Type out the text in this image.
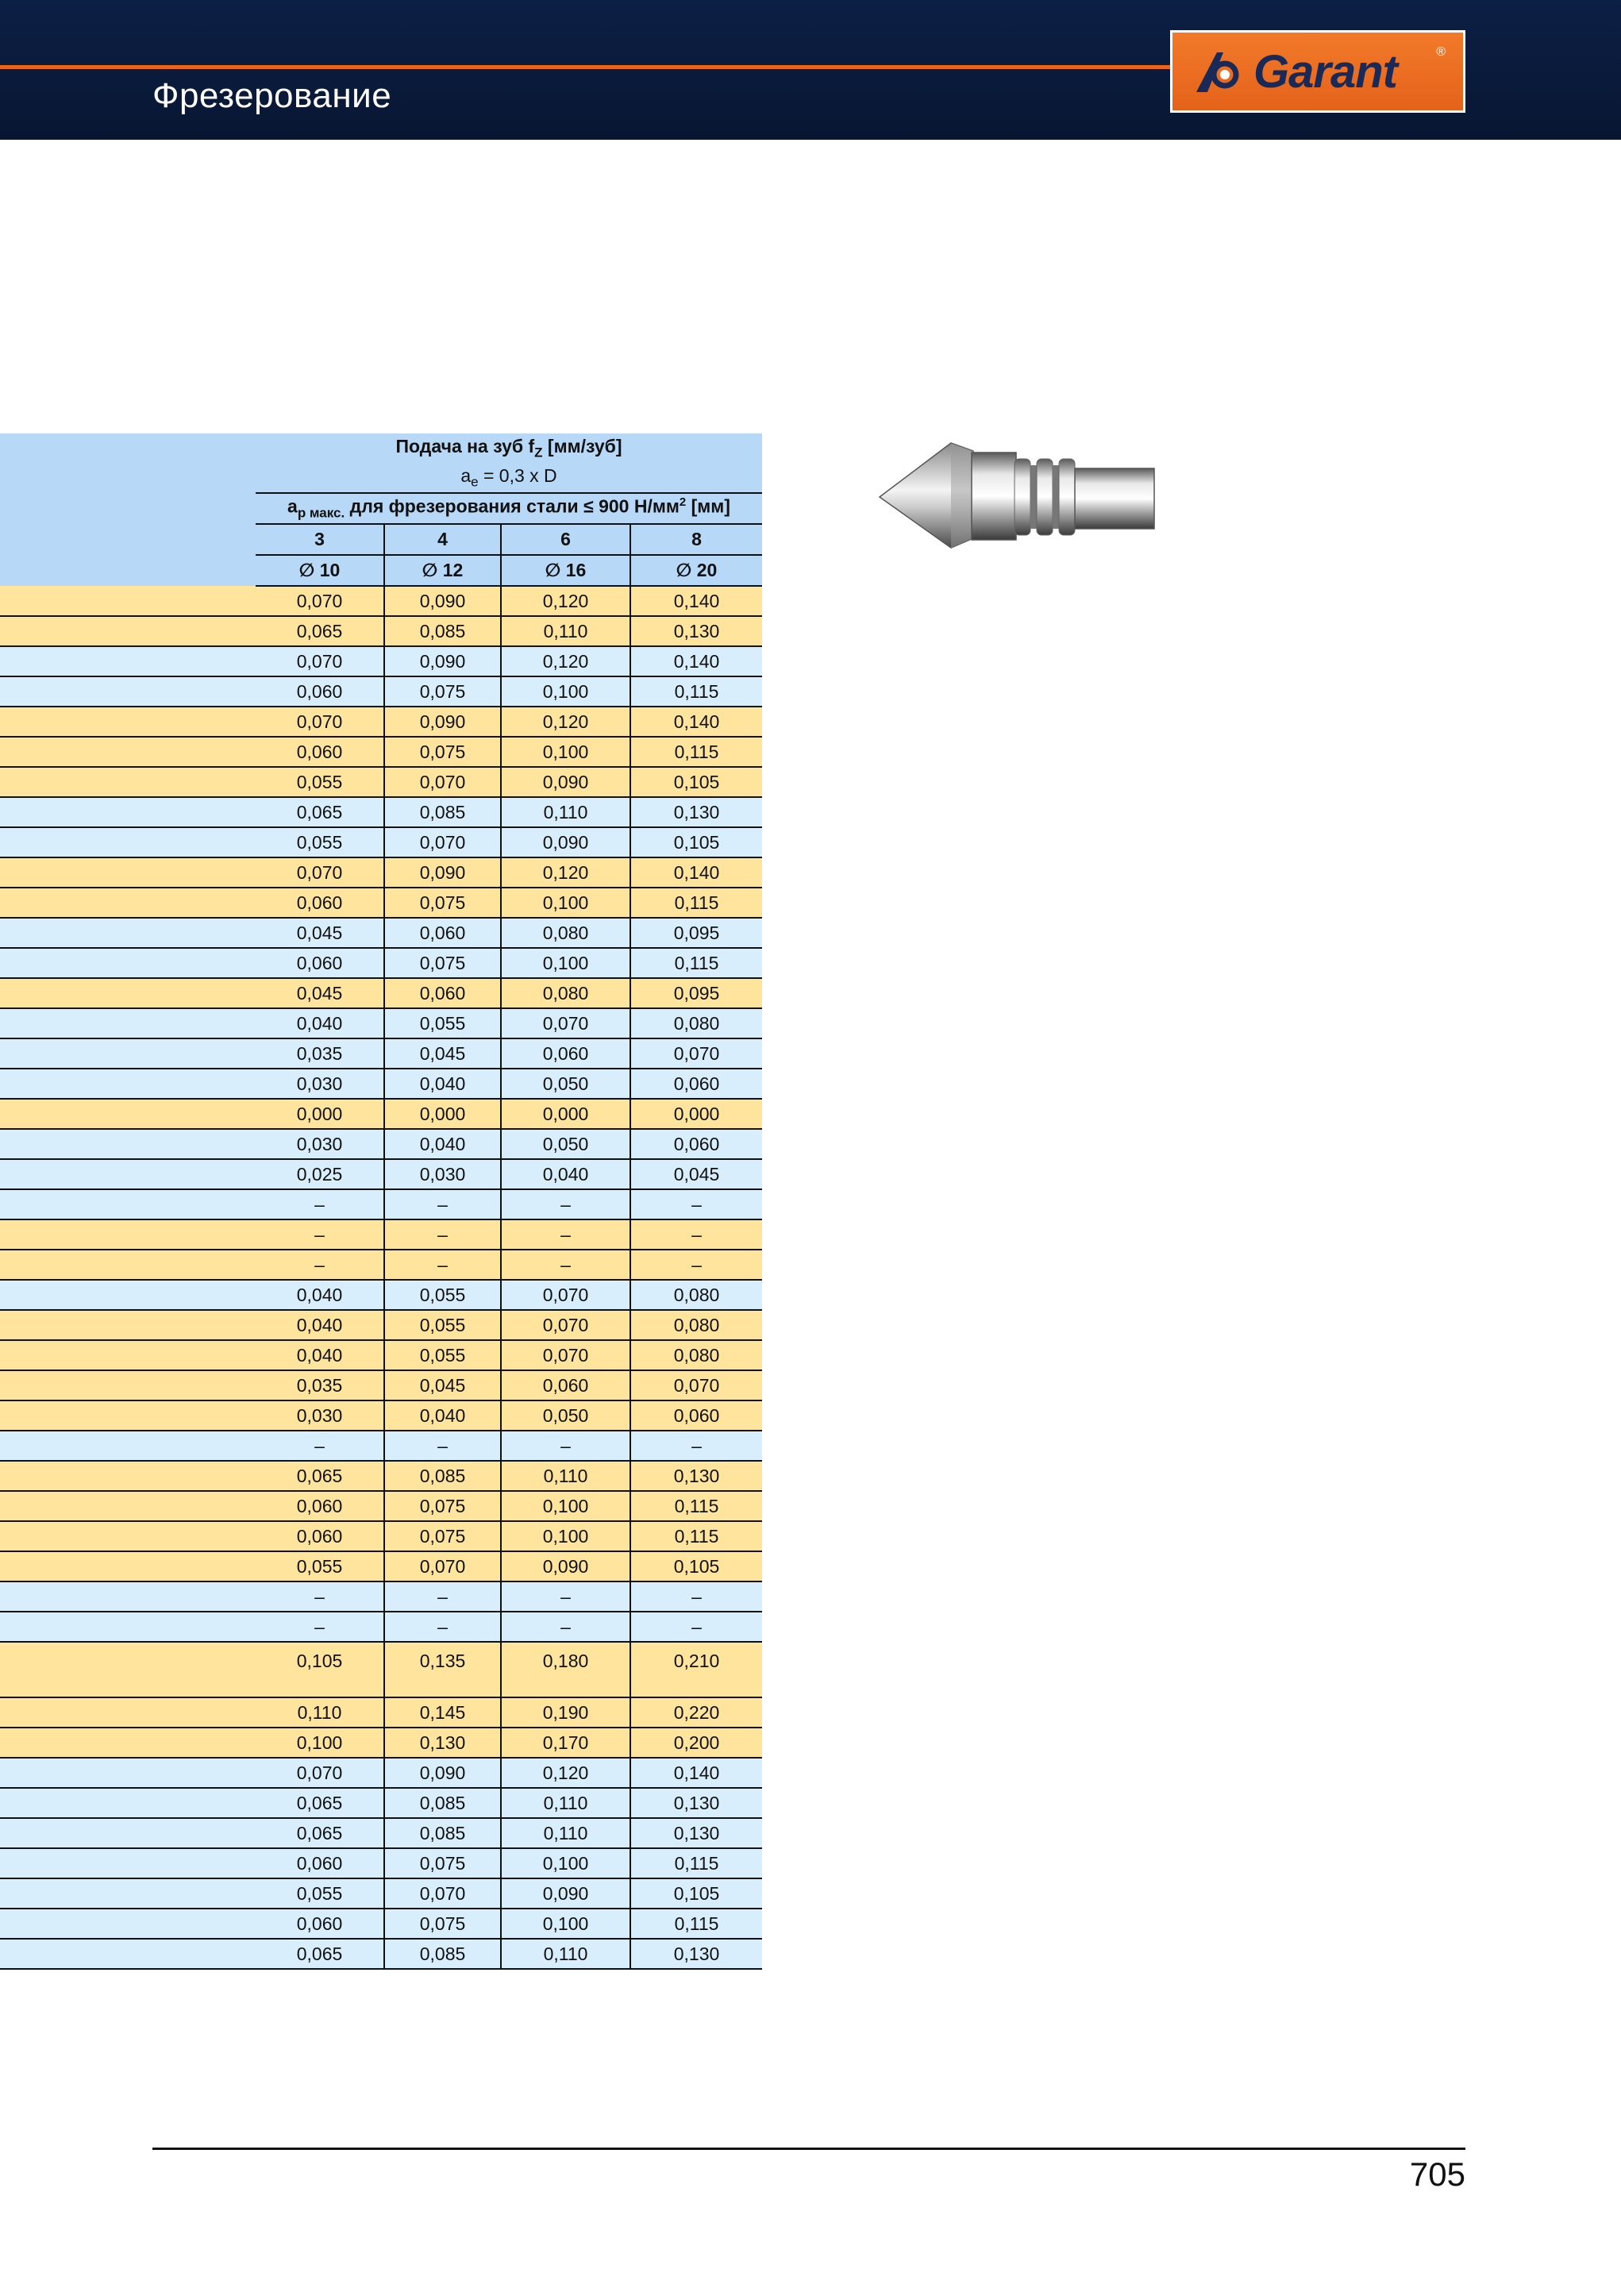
Фрезерование	Garant	®
	Подача на зуб $f_Z$ [мм/зуб]			
	$a_e = 0,3$ x D			
	$a_{p макс.}$ для фрезерования стали ≤ 900 $Н/мм^2$ [мм]			
	3	4	6	8
	∅ 10	∅ 12	∅ 16	∅ 20
	0,070	0,090	0,120	0,140
	0,065	0,085	0,110	0,130
	0,070	0,090	0,120	0,140
	0,060	0,075	0,100	0,115
	0,070	0,090	0,120	0,140
	0,060	0,075	0,100	0,115
	0,055	0,070	0,090	0,105
	0,065	0,085	0,110	0,130
	0,055	0,070	0,090	0,105
	0,070	0,090	0,120	0,140
	0,060	0,075	0,100	0,115
	0,045	0,060	0,080	0,095
	0,060	0,075	0,100	0,115
	0,045	0,060	0,080	0,095
	0,040	0,055	0,070	0,080
	0,035	0,045	0,060	0,070
	0,030	0,040	0,050	0,060
	0,000	0,000	0,000	0,000
	0,030	0,040	0,050	0,060
	0,025	0,030	0,040	0,045
	–	–	–	–
	–	–	–	–
	–	–	–	–
	0,040	0,055	0,070	0,080
	0,040	0,055	0,070	0,080
	0,040	0,055	0,070	0,080
	0,035	0,045	0,060	0,070
	0,030	0,040	0,050	0,060
	–	–	–	–
	0,065	0,085	0,110	0,130
	0,060	0,075	0,100	0,115
	0,060	0,075	0,100	0,115
	0,055	0,070	0,090	0,105
	–	–	–	–
	–	–	–	–
	0,105	0,135	0,180	0,210
	0,110	0,145	0,190	0,220
	0,100	0,130	0,170	0,200
	0,070	0,090	0,120	0,140
	0,065	0,085	0,110	0,130
	0,065	0,085	0,110	0,130
	0,060	0,075	0,100	0,115
	0,055	0,070	0,090	0,105
	0,060	0,075	0,100	0,115
	0,065	0,085	0,110	0,130
705
